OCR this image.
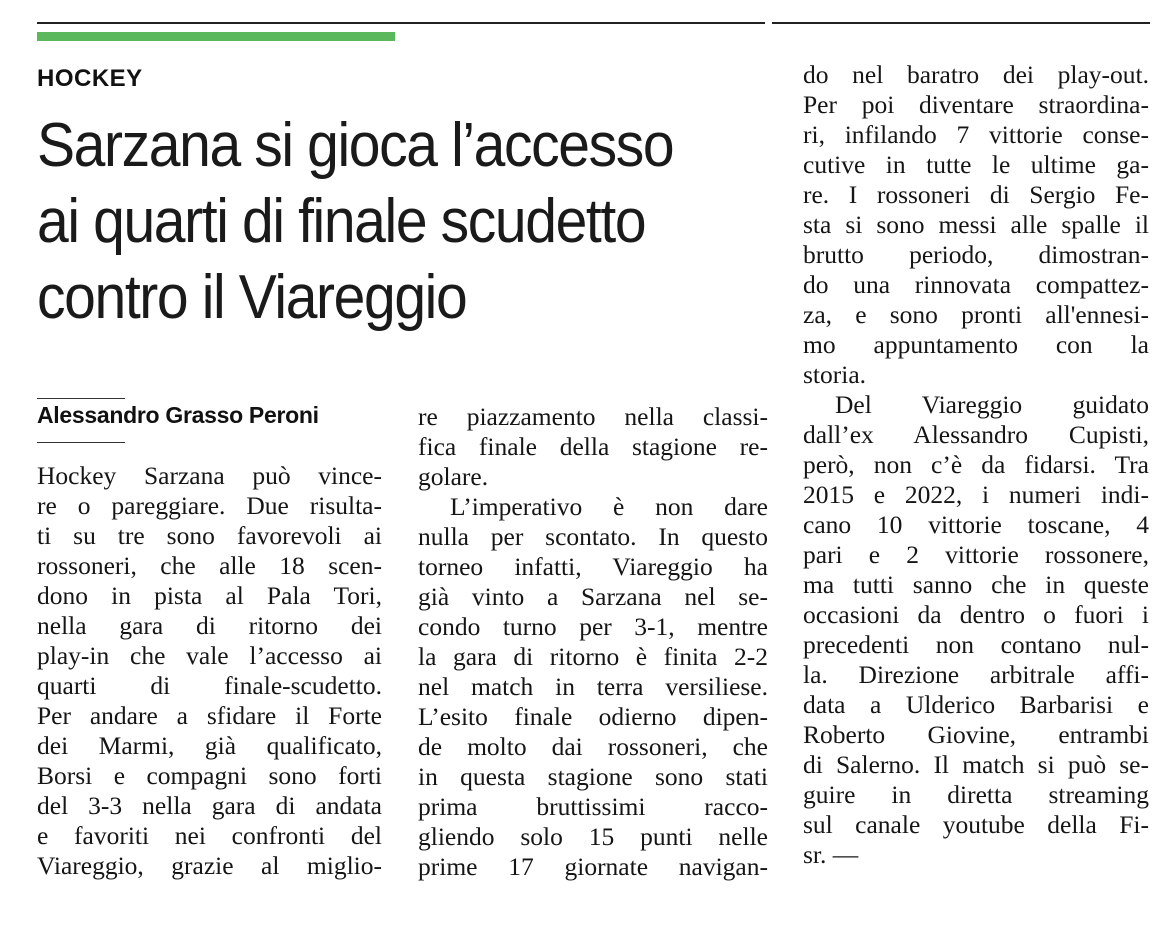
HOCKEY
Sarzana si gioca l’accesso
ai quarti di finale scudetto
contro il Viareggio
Alessandro Grasso Peroni
Hockey Sarzana può vince-
re o pareggiare. Due risulta-
ti su tre sono favorevoli ai
rossoneri, che alle 18 scen-
dono in pista al Pala Tori,
nella gara di ritorno dei
play-in che vale l’accesso ai
quarti di finale-scudetto.
Per andare a sfidare il Forte
dei Marmi, già qualificato,
Borsi e compagni sono forti
del 3-3 nella gara di andata
e favoriti nei confronti del
Viareggio, grazie al miglio-
re piazzamento nella classi-
fica finale della stagione re-
golare.
L’imperativo è non dare
nulla per scontato. In questo
torneo infatti, Viareggio ha
già vinto a Sarzana nel se-
condo turno per 3-1, mentre
la gara di ritorno è finita 2-2
nel match in terra versiliese.
L’esito finale odierno dipen-
de molto dai rossoneri, che
in questa stagione sono stati
prima bruttissimi racco-
gliendo solo 15 punti nelle
prime 17 giornate navigan-
do nel baratro dei play-out.
Per poi diventare straordina-
ri, infilando 7 vittorie conse-
cutive in tutte le ultime ga-
re. I rossoneri di Sergio Fe-
sta si sono messi alle spalle il
brutto periodo, dimostran-
do una rinnovata compattez-
za, e sono pronti all'ennesi-
mo appuntamento con la
storia.
Del Viareggio guidato
dall’ex Alessandro Cupisti,
però, non c’è da fidarsi. Tra
2015 e 2022, i numeri indi-
cano 10 vittorie toscane, 4
pari e 2 vittorie rossonere,
ma tutti sanno che in queste
occasioni da dentro o fuori i
precedenti non contano nul-
la. Direzione arbitrale affi-
data a Ulderico Barbarisi e
Roberto Giovine, entrambi
di Salerno. Il match si può se-
guire in diretta streaming
sul canale youtube della Fi-
sr. —
